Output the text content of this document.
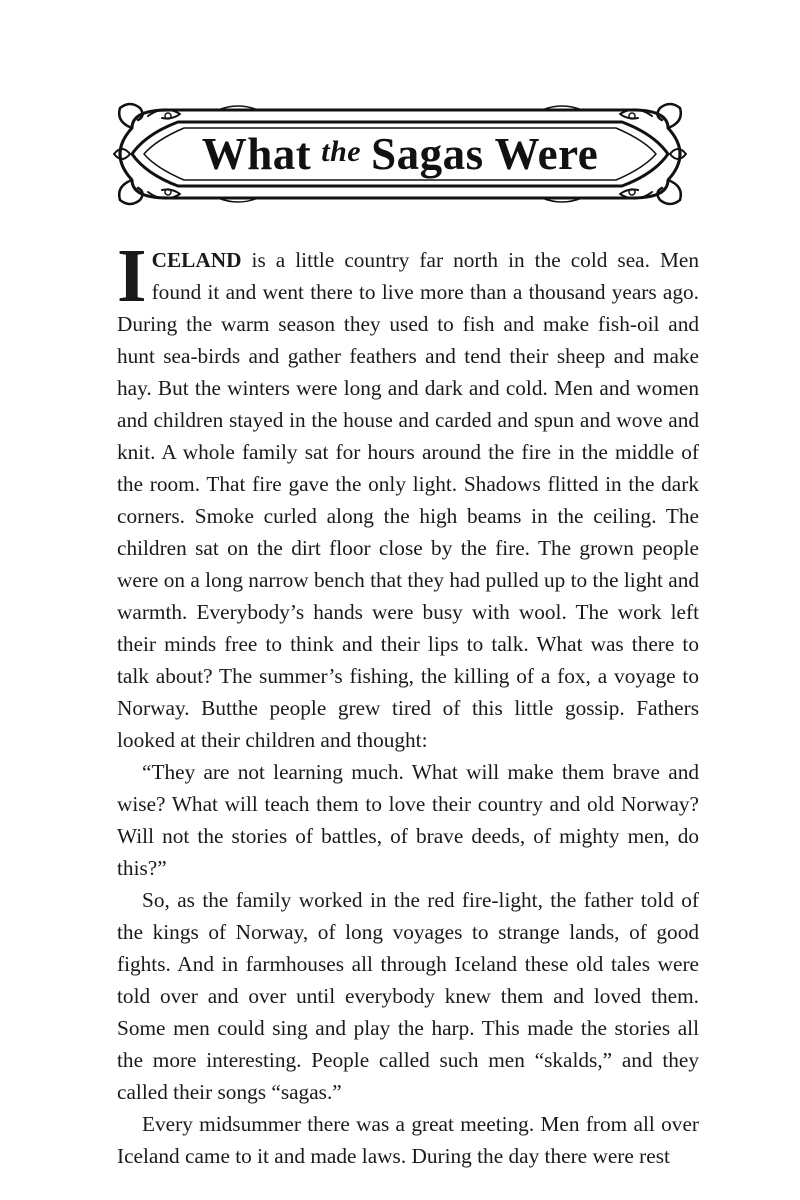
What the Sagas Were

ICELAND is a little country far north in the cold sea. Men found it and went there to live more than a thousand years ago. During the warm season they used to fish and make fish-oil and hunt sea-birds and gather feathers and tend their sheep and make hay. But the winters were long and dark and cold. Men and women and children stayed in the house and carded and spun and wove and knit. A whole family sat for hours around the fire in the middle of the room. That fire gave the only light. Shadows flitted in the dark corners. Smoke curled along the high beams in the ceiling. The children sat on the dirt floor close by the fire. The grown people were on a long narrow bench that they had pulled up to the light and warmth. Everybody’s hands were busy with wool. The work left their minds free to think and their lips to talk. What was there to talk about? The summer’s fishing, the killing of a fox, a voyage to Norway. Butthe people grew tired of this little gossip. Fathers looked at their children and thought:

“They are not learning much. What will make them brave and wise? What will teach them to love their country and old Norway? Will not the stories of battles, of brave deeds, of mighty men, do this?”

So, as the family worked in the red fire-light, the father told of the kings of Norway, of long voyages to strange lands, of good fights. And in farmhouses all through Iceland these old tales were told over and over until everybody knew them and loved them. Some men could sing and play the harp. This made the stories all the more interesting. People called such men “skalds,” and they called their songs “sagas.”

Every midsummer there was a great meeting. Men from all over Iceland came to it and made laws. During the day there were rest
